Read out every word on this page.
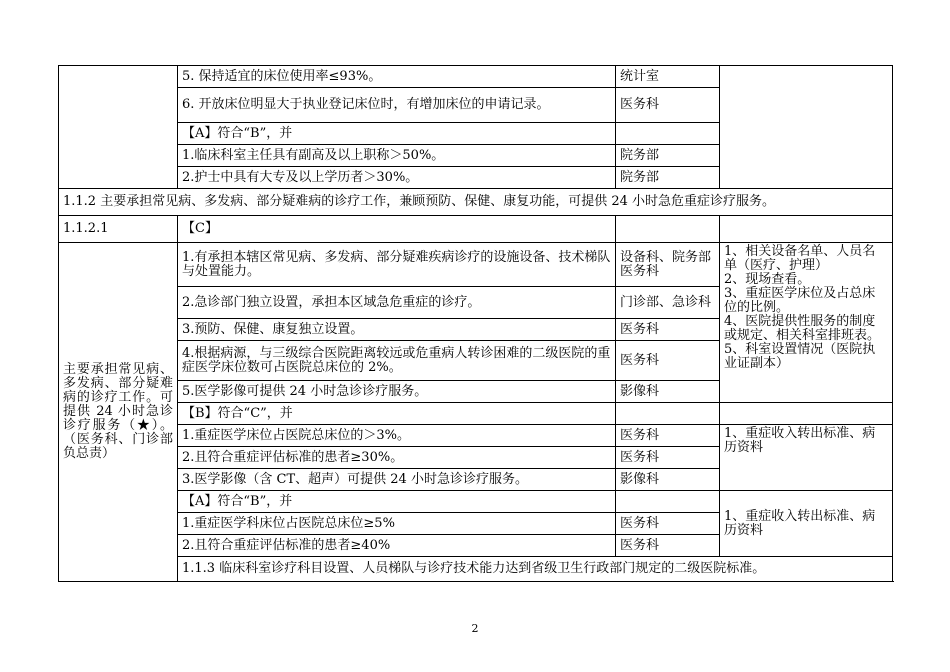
	5. 保持适宜的床位使用率≤93%。	统计室	
	6. 开放床位明显大于执业登记床位时，有增加床位的申请记录。	医务科	
	【A】符合“B”，并		
	1.临床科室主任具有副高及以上职称＞50%。	院务部	
	2.护士中具有大专及以上学历者＞30%。	院务部	
1.1.2 主要承担常见病、多发病、部分疑难病的诊疗工作，兼顾预防、保健、康复功能，可提供 24 小时急危重症诊疗服务。			
1.1.2.1	【C】		
主要承担常见病、多发病、部分疑难病的诊疗工作。可提供 24 小时急诊诊疗服务（★）。（医务科、门诊部负总责）	1.有承担本辖区常见病、多发病、部分疑难疾病诊疗的设施设备、技术梯队与处置能力。	设备科、院务部 医务科	1、相关设备名单、人员名单（医疗、护理）
2、现场查看。
3、重症医学床位及占总床位的比例。
4、医院提供性服务的制度或规定、相关科室排班表。
5、科室设置情况（医院执业证副本）
	2.急诊部门独立设置，承担本区域急危重症的诊疗。	门诊部、急诊科	
	3.预防、保健、康复独立设置。	医务科	
	4.根据病源，与三级综合医院距离较远或危重病人转诊困难的二级医院的重症医学床位数可占医院总床位的 2%。	医务科	
	5.医学影像可提供 24 小时急诊诊疗服务。	影像科	
	【B】符合“C”，并		
	1.重症医学床位占医院总床位的＞3%。	医务科	1、重症收入转出标准、病历资料
	2.且符合重症评估标准的患者≥30%。	医务科	
	3.医学影像（含 CT、超声）可提供 24 小时急诊诊疗服务。	影像科	
	【A】符合“B”，并		1、重症收入转出标准、病历资料
	1.重症医学科床位占医院总床位≥5%	医务科	
	2.且符合重症评估标准的患者≥40%	医务科	
	1.1.3 临床科室诊疗科目设置、人员梯队与诊疗技术能力达到省级卫生行政部门规定的二级医院标准。		
2
